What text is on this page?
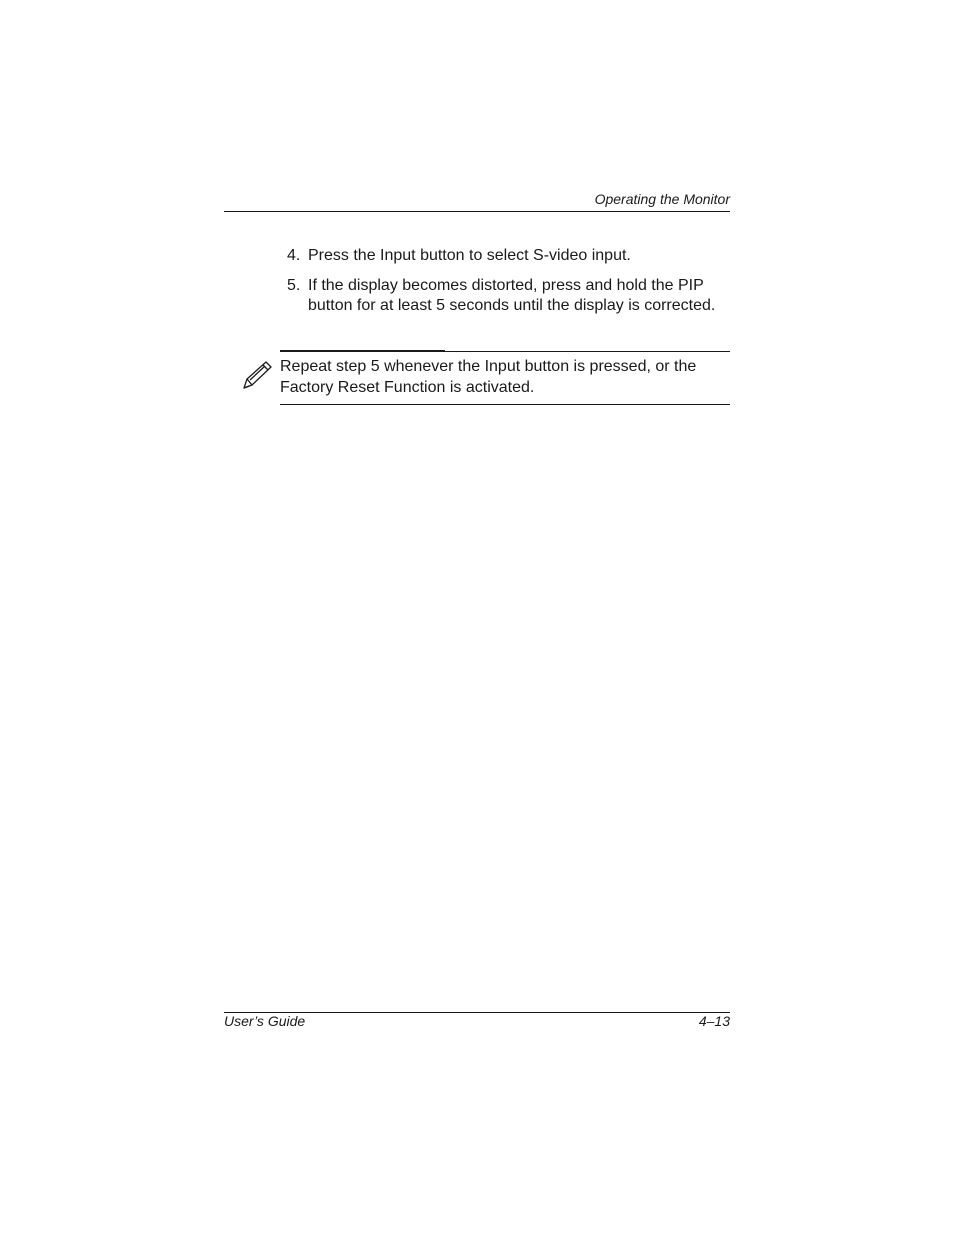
Operating the Monitor
4. Press the Input button to select S-video input.
5. If the display becomes distorted, press and hold the PIP button for at least 5 seconds until the display is corrected.
Repeat step 5 whenever the Input button is pressed, or the Factory Reset Function is activated.
User’s Guide	4–13
